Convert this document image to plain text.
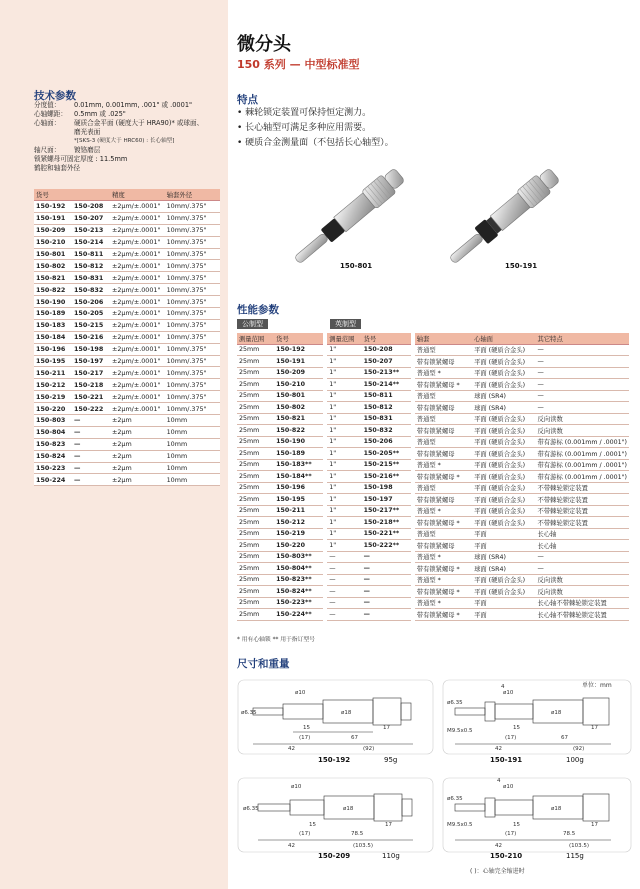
微分头
150 系列 — 中型标准型
技术参数
分度值：	0.01mm, 0.001mm, .001" 或 .0001"
心轴螺距：	0.5mm 或 .025"
心轴面：	硬质合金平面 (硬度大于 HRA90)* 或球面、
磨光表面
*[SKS-3 (硬度大于 HRC60) : 长心轴型]
轴尺面：	镀铬磨层
锁紧螺母可固定厚度 : 11.5mm
鹤腔和轴套外径
货号		精度	轴套外径
150-192	150-208	±2μm/±.0001"	10mm/.375"
150-191	150-207	±2μm/±.0001"	10mm/.375"
150-209	150-213	±2μm/±.0001"	10mm/.375"
150-210	150-214	±2μm/±.0001"	10mm/.375"
150-801	150-811	±2μm/±.0001"	10mm/.375"
150-802	150-812	±2μm/±.0001"	10mm/.375"
150-821	150-831	±2μm/±.0001"	10mm/.375"
150-822	150-832	±2μm/±.0001"	10mm/.375"
150-190	150-206	±2μm/±.0001"	10mm/.375"
150-189	150-205	±2μm/±.0001"	10mm/.375"
150-183	150-215	±2μm/±.0001"	10mm/.375"
150-184	150-216	±2μm/±.0001"	10mm/.375"
150-196	150-198	±2μm/±.0001"	10mm/.375"
150-195	150-197	±2μm/±.0001"	10mm/.375"
150-211	150-217	±2μm/±.0001"	10mm/.375"
150-212	150-218	±2μm/±.0001"	10mm/.375"
150-219	150-221	±2μm/±.0001"	10mm/.375"
150-220	150-222	±2μm/±.0001"	10mm/.375"
150-803	—	±2μm	10mm
150-804	—	±2μm	10mm
150-823	—	±2μm	10mm
150-824	—	±2μm	10mm
150-223	—	±2μm	10mm
150-224	—	±2μm	10mm
特点
• 棘轮锁定装置可保持恒定测力。
• 长心轴型可满足多种应用需要。
• 硬质合金测量面（不包括长心轴型）。
150-801	150-191
性能参数
公制型	英制型
测量范围	货号		测量范围	货号		轴套	心轴面	其它特点
25mm	150-192		1"	150-208		普通型	平面 (硬质合金头)	—
25mm	150-191		1"	150-207		带有锁紧螺母	平面 (硬质合金头)	—
25mm	150-209		1"	150-213**		普通型 *	平面 (硬质合金头)	—
25mm	150-210		1"	150-214**		带有锁紧螺母 *	平面 (硬质合金头)	—
25mm	150-801		1"	150-811		普通型	球面 (SR4)	—
25mm	150-802		1"	150-812		带有锁紧螺母	球面 (SR4)	—
25mm	150-821		1"	150-831		普通型	平面 (硬质合金头)	反向读数
25mm	150-822		1"	150-832		带有锁紧螺母	平面 (硬质合金头)	反向读数
25mm	150-190		1"	150-206		普通型	平面 (硬质合金头)	带有游标 (0.001mm / .0001")
25mm	150-189		1"	150-205**		带有锁紧螺母	平面 (硬质合金头)	带有游标 (0.001mm / .0001")
25mm	150-183**		1"	150-215**		普通型 *	平面 (硬质合金头)	带有游标 (0.001mm / .0001")
25mm	150-184**		1"	150-216**		带有锁紧螺母 *	平面 (硬质合金头)	带有游标 (0.001mm / .0001")
25mm	150-196		1"	150-198		普通型	平面 (硬质合金头)	不带棘轮锁定装置
25mm	150-195		1"	150-197		带有锁紧螺母	平面 (硬质合金头)	不带棘轮锁定装置
25mm	150-211		1"	150-217**		普通型 *	平面 (硬质合金头)	不带棘轮锁定装置
25mm	150-212		1"	150-218**		带有锁紧螺母 *	平面 (硬质合金头)	不带棘轮锁定装置
25mm	150-219		1"	150-221**		普通型	平面	长心轴
25mm	150-220		1"	150-222**		带有锁紧螺母	平面	长心轴
25mm	150-803**		—	—		普通型 *	球面 (SR4)	—
25mm	150-804**		—	—		带有锁紧螺母 *	球面 (SR4)	—
25mm	150-823**		—	—		普通型 *	平面 (硬质合金头)	反向读数
25mm	150-824**		—	—		带有锁紧螺母 *	平面 (硬质合金头)	反向读数
25mm	150-223**		—	—		普通型 *	平面	长心轴不带棘轮锁定装置
25mm	150-224**		—	—		带有锁紧螺母 *	平面	长心轴不带棘轮锁定装置
* 用有心轴锁 ** 用于指订型号
尺寸和重量
单位：mm
ø10
ø6.35	ø18
15	17
(17)	67
42	(92)
4
ø10
ø6.35
ø18
M9.5x0.5	15	17
(17)	67
42	(92)
ø10
ø6.35	ø18
15	17
(17)	78.5
42	(103.5)
4
ø10
ø6.35
ø18
M9.5x0.5	15	17
(17)	78.5
42	(103.5)
150-192	95g	150-191	100g
150-209	110g	150-210	115g
( )：心轴完全缩进时
